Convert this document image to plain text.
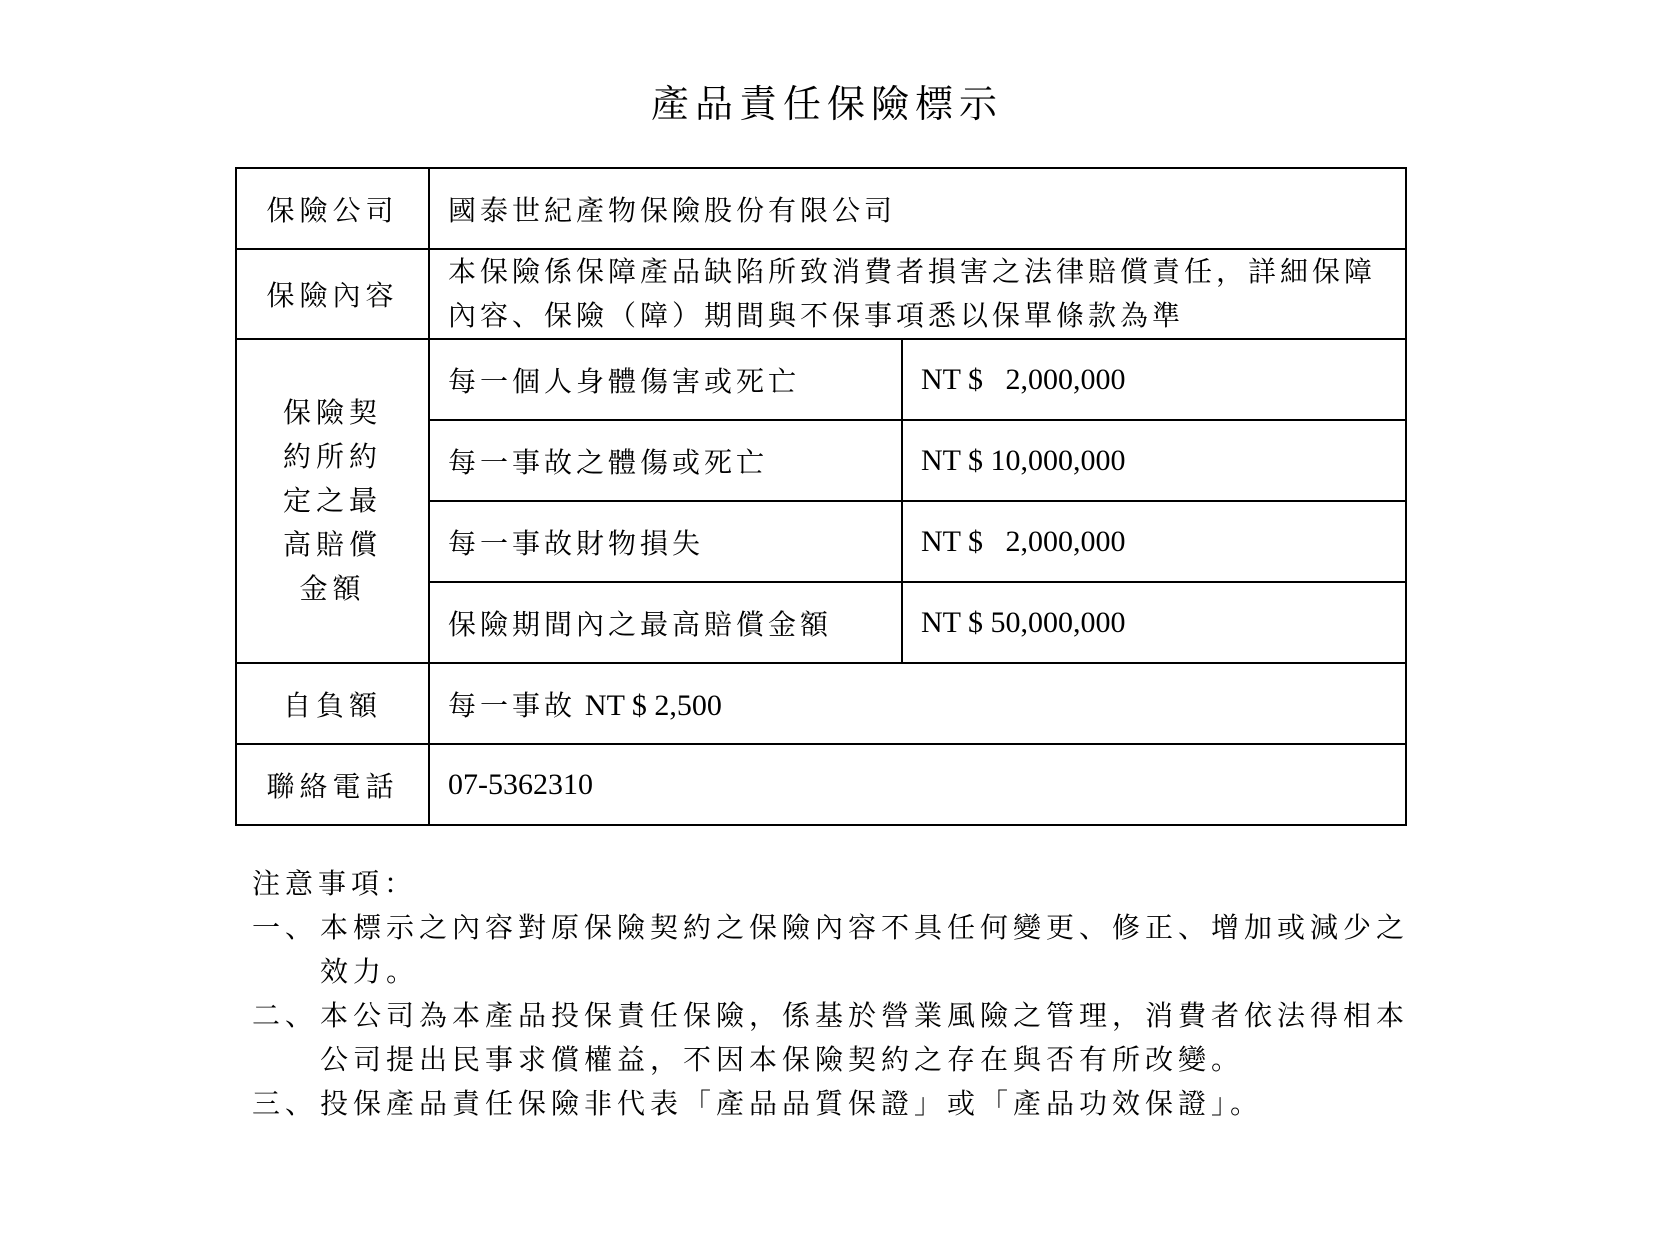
產品責任保險標示
保險公司	國泰世紀產物保險股份有限公司	
保險內容	本保險係保障產品缺陷所致消費者損害之法律賠償責任，詳細保障內容、保險（障）期間與不保事項悉以保單條款為準	

保險契約所約定之最高賠償金額	每一個人身體傷害或死亡	NT $   2,000,000
	每一事故之體傷或死亡	NT $ 10,000,000
	每一事故財物損失	NT $   2,000,000
	保險期間內之最高賠償金額	NT $ 50,000,000
自負額	每一事故 NT $ 2,500	
聯絡電話	07-5362310	
注意事項：
一、 本標示之內容對原保險契約之保險內容不具任何變更、修正、增加或減少之效力。
二、 本公司為本產品投保責任保險，係基於營業風險之管理，消費者依法得相本公司提出民事求償權益，不因本保險契約之存在與否有所改變。
三、 投保產品責任保險非代表「產品品質保證」或「產品功效保證」。
